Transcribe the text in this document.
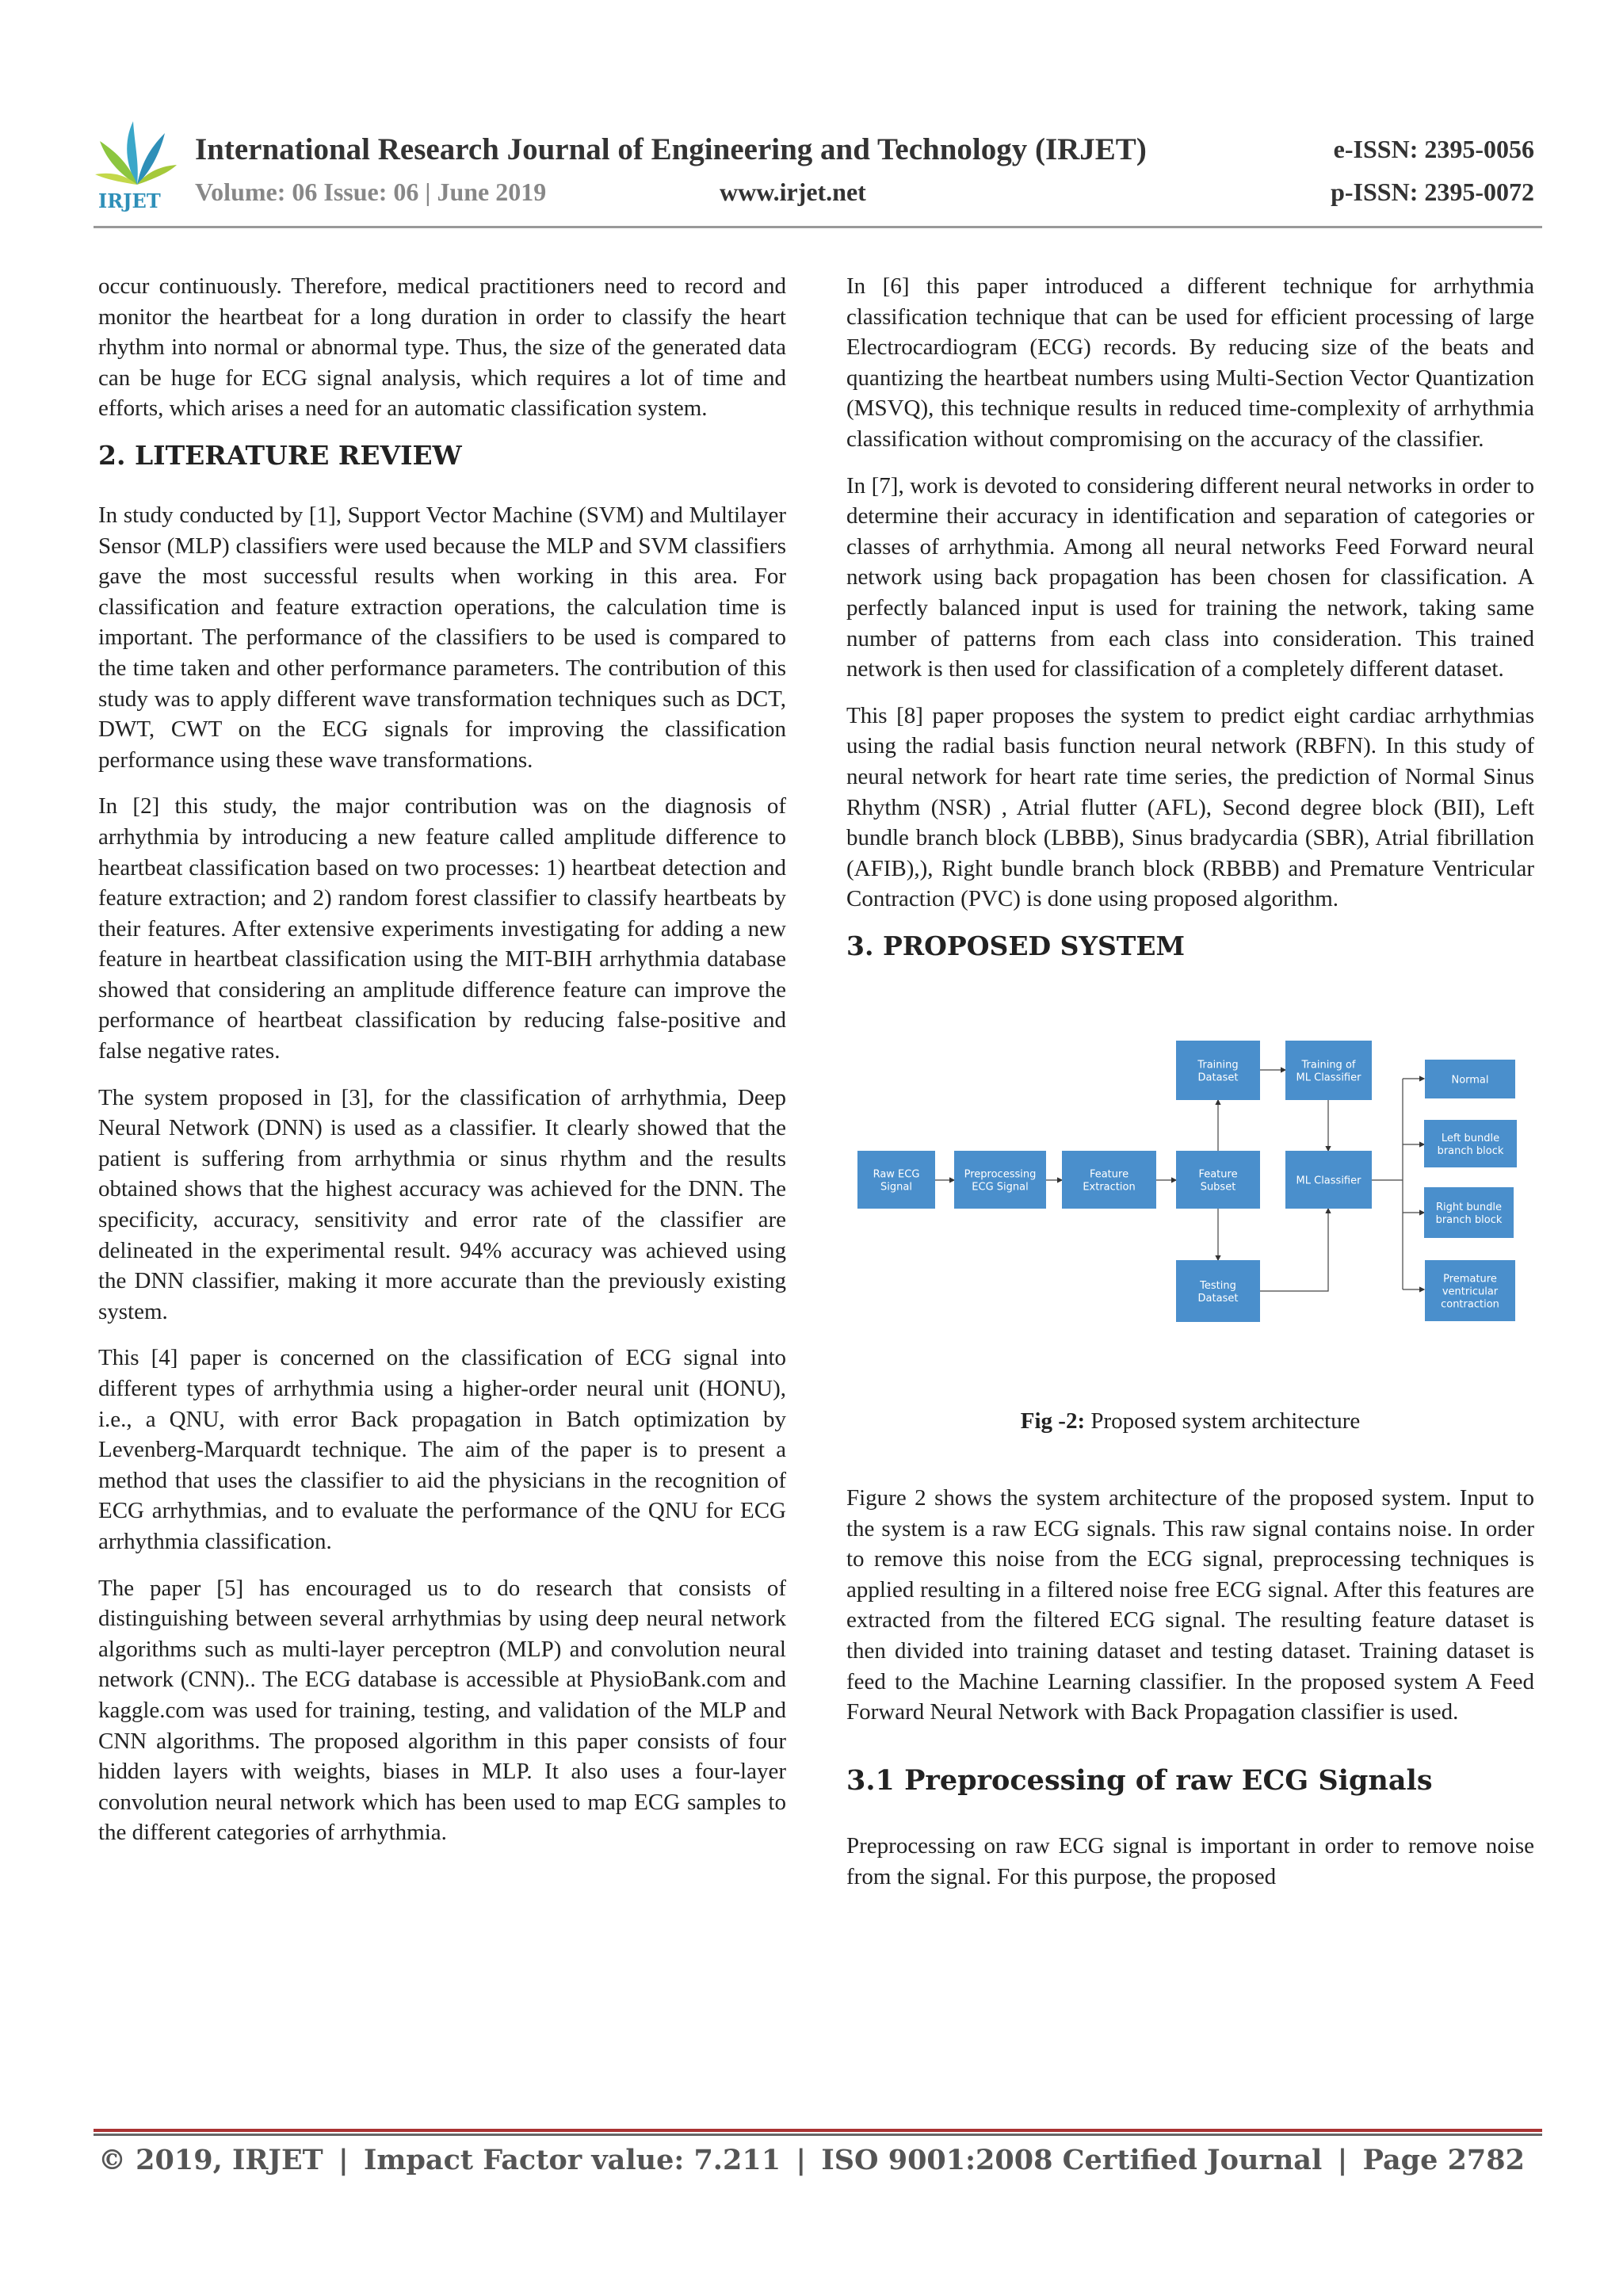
IRJET
International Research Journal of Engineering and Technology (IRJET)	e-ISSN: 2395-0056
p-ISSN: 2395-0072
Volume: 06 Issue: 06 | June 2019	www.irjet.net

occur continuously. Therefore, medical practitioners need to record and monitor the heartbeat for a long duration in order to classify the heart rhythm into normal or abnormal type. Thus, the size of the generated data can be huge for ECG signal analysis, which requires a lot of time and efforts, which arises a need for an automatic classification system.

2. LITERATURE REVIEW

In study conducted by [1], Support Vector Machine (SVM) and Multilayer Sensor (MLP) classifiers were used because the MLP and SVM classifiers gave the most successful results when working in this area. For classification and feature extraction operations, the calculation time is important. The performance of the classifiers to be used is compared to the time taken and other performance parameters. The contribution of this study was to apply different wave transformation techniques such as DCT, DWT, CWT on the ECG signals for improving the classification performance using these wave transformations.

In [2] this study, the major contribution was on the diagnosis of arrhythmia by introducing a new feature called amplitude difference to heartbeat classification based on two processes: 1) heartbeat detection and feature extraction; and 2) random forest classifier to classify heartbeats by their features. After extensive experiments investigating for adding a new feature in heartbeat classification using the MIT-BIH arrhythmia database showed that considering an amplitude difference feature can improve the performance of heartbeat classification by reducing false-positive and false negative rates.

The system proposed in [3], for the classification of arrhythmia, Deep Neural Network (DNN) is used as a classifier. It clearly showed that the patient is suffering from arrhythmia or sinus rhythm and the results obtained shows that the highest accuracy was achieved for the DNN. The specificity, accuracy, sensitivity and error rate of the classifier are delineated in the experimental result. 94% accuracy was achieved using the DNN classifier, making it more accurate than the previously existing system.

This [4] paper is concerned on the classification of ECG signal into different types of arrhythmia using a higher-order neural unit (HONU), i.e., a QNU, with error Back propagation in Batch optimization by Levenberg-Marquardt technique. The aim of the paper is to present a method that uses the classifier to aid the physicians in the recognition of ECG arrhythmias, and to evaluate the performance of the QNU for ECG arrhythmia classification.

The paper [5] has encouraged us to do research that consists of distinguishing between several arrhythmias by using deep neural network algorithms such as multi-layer perceptron (MLP) and convolution neural network (CNN).. The ECG database is accessible at PhysioBank.com and kaggle.com was used for training, testing, and validation of the MLP and CNN algorithms. The proposed algorithm in this paper consists of four hidden layers with weights, biases in MLP. It also uses a four-layer convolution neural network which has been used to map ECG samples to the different categories of arrhythmia.

In [6] this paper introduced a different technique for arrhythmia classification technique that can be used for efficient processing of large Electrocardiogram (ECG) records. By reducing size of the beats and quantizing the heartbeat numbers using Multi-Section Vector Quantization (MSVQ), this technique results in reduced time-complexity of arrhythmia classification without compromising on the accuracy of the classifier.

In [7], work is devoted to considering different neural networks in order to determine their accuracy in identification and separation of categories or classes of arrhythmia. Among all neural networks Feed Forward neural network using back propagation has been chosen for classification. A perfectly balanced input is used for training the network, taking same number of patterns from each class into consideration. This trained network is then used for classification of a completely different dataset.

This [8] paper proposes the system to predict eight cardiac arrhythmias using the radial basis function neural network (RBFN). In this study of neural network for heart rate time series, the prediction of Normal Sinus Rhythm (NSR) , Atrial flutter (AFL), Second degree block (BII), Left bundle branch block (LBBB), Sinus bradycardia (SBR), Atrial fibrillation (AFIB),), Right bundle branch block (RBBB) and Premature Ventricular Contraction (PVC) is done using proposed algorithm.

3. PROPOSED SYSTEM
Raw ECG
Signal
Preprocessing
ECG Signal
Feature
Extraction
Feature
Subset
Training
Dataset
Training of
ML Classifier
ML Classifier
Testing
Dataset
Normal
Left bundle
branch block
Right bundle
branch block
Premature
ventricular
contraction
Fig -2: Proposed system architecture

Figure 2 shows the system architecture of the proposed system. Input to the system is a raw ECG signals. This raw signal contains noise. In order to remove this noise from the ECG signal, preprocessing techniques is applied resulting in a filtered noise free ECG signal. After this features are extracted from the filtered ECG signal. The resulting feature dataset is then divided into training dataset and testing dataset. Training dataset is feed to the Machine Learning classifier. In the proposed system A Feed Forward Neural Network with Back Propagation classifier is used.

3.1 Preprocessing of raw ECG Signals

Preprocessing on raw ECG signal is important in order to remove noise from the signal. For this purpose, the proposed

© 2019, IRJET | Impact Factor value: 7.211 | ISO 9001:2008 Certified Journal | Page 2782
